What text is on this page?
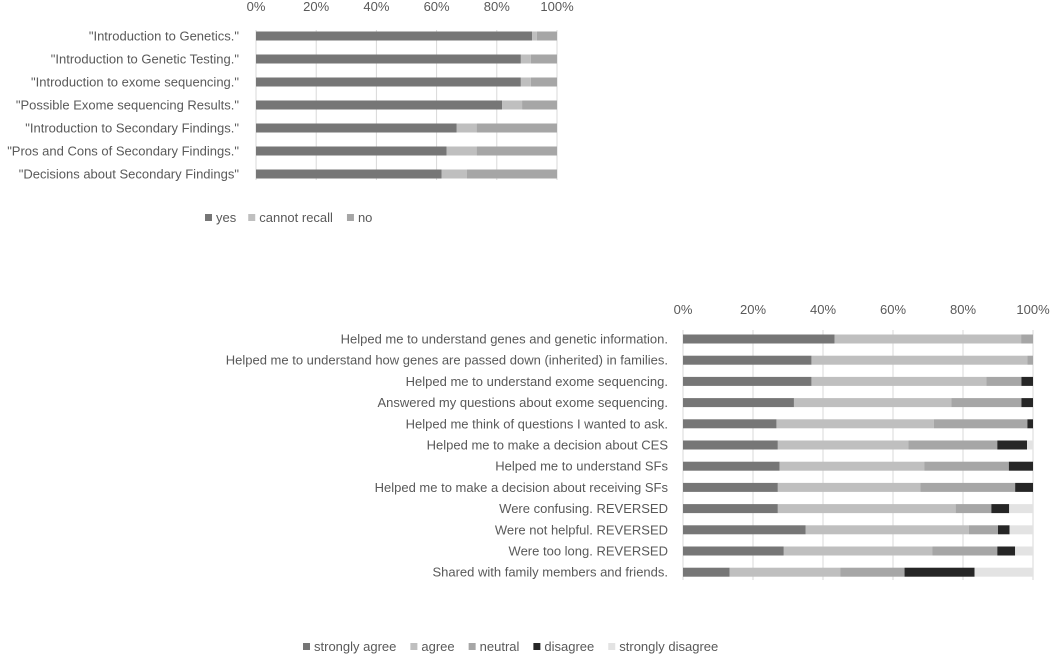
0%	20%	40%	60%	80% 100%
"Introduction to Genetics."
"Introduction to Genetic Testing."
"Introduction to exome sequencing."
"Possible Exome sequencing Results."
"Introduction to Secondary Findings."
"Pros and Cons of Secondary Findings."
"Decisions about Secondary Findings"
yes cannot recall no
0%	20%	40%	60%	80%	100%
Helped me to understand genes and genetic information.
Helped me to understand how genes are passed down (inherited) in families.
Helped me to understand exome sequencing.
Answered my questions about exome sequencing.
Helped me think of questions I wanted to ask.
Helped me to make a decision about CES
Helped me to understand SFs
Helped me to make a decision about receiving SFs
Were confusing. REVERSED
Were not helpful. REVERSED
Were too long. REVERSED
Shared with family members and friends.
strongly agree agree neutral disagree strongly disagree
